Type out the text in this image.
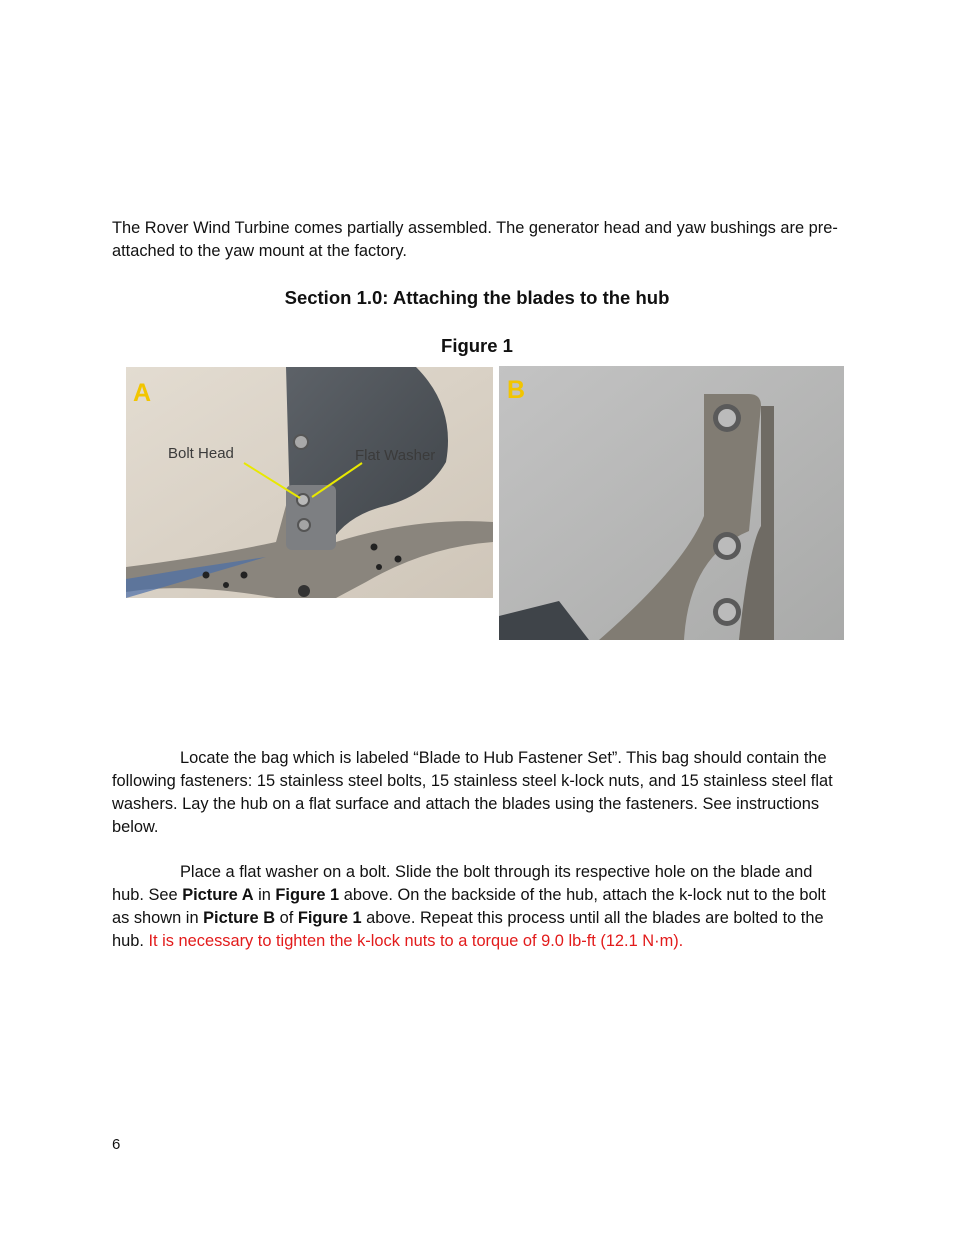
The Rover Wind Turbine comes partially assembled. The generator head and yaw bushings are pre-attached to the yaw mount at the factory.
Section 1.0: Attaching the blades to the hub
Figure 1
A
Bolt Head	Flat Washer
B
Locate the bag which is labeled “Blade to Hub Fastener Set”. This bag should contain the following fasteners: 15 stainless steel bolts, 15 stainless steel k-lock nuts, and 15 stainless steel flat washers. Lay the hub on a flat surface and attach the blades using the fasteners. See instructions below.
Place a flat washer on a bolt. Slide the bolt through its respective hole on the blade and hub. See Picture A in Figure 1 above. On the backside of the hub, attach the k-lock nut to the bolt as shown in Picture B of Figure 1 above. Repeat this process until all the blades are bolted to the hub. It is necessary to tighten the k-lock nuts to a torque of 9.0 lb-ft (12.1 N·m).
6
